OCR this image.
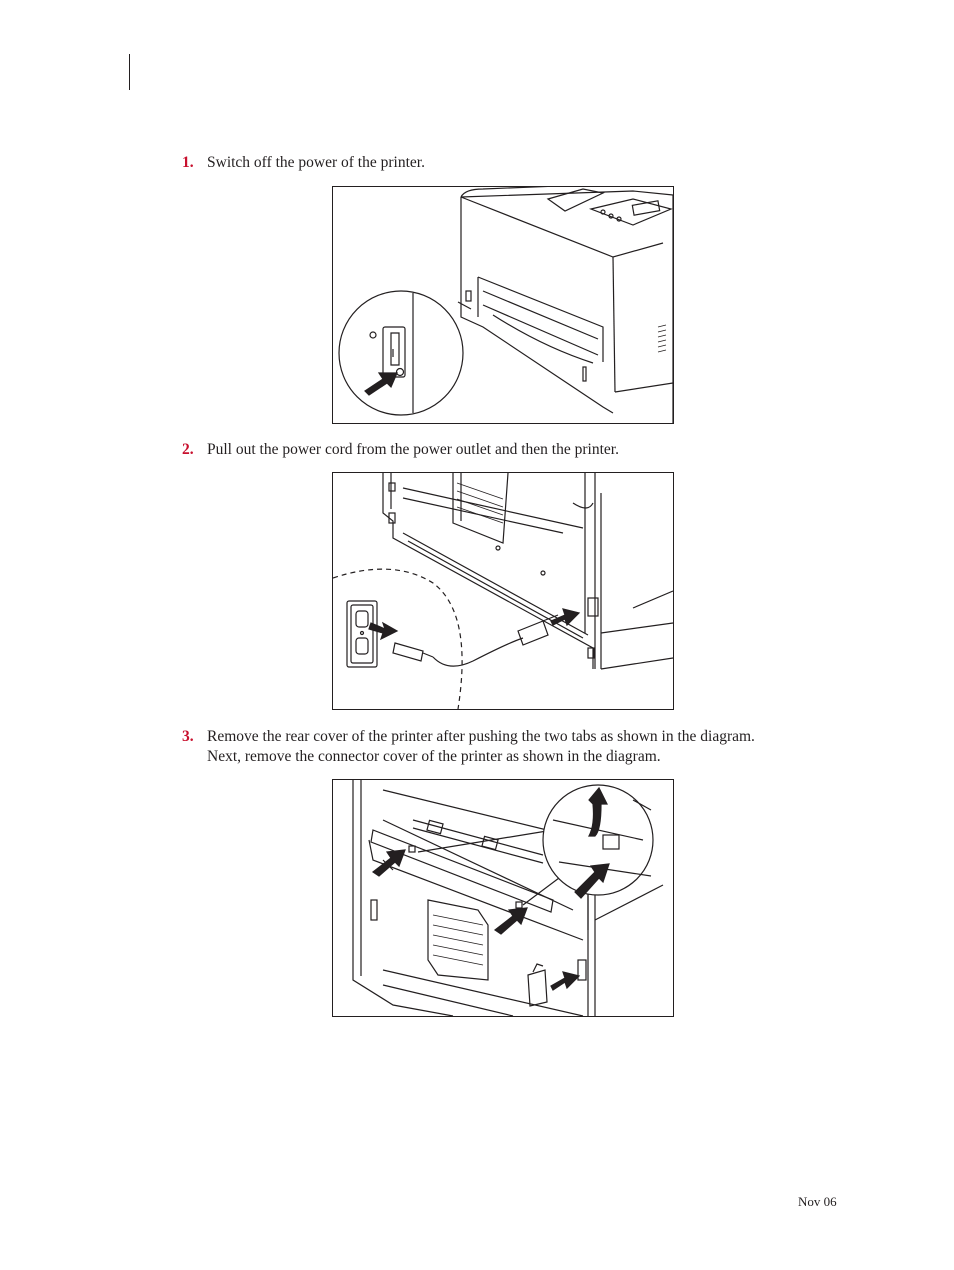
1. Switch off the power of the printer.
2. Pull out the power cord from the power outlet and then the printer.
3. Remove the rear cover of the printer after pushing the two tabs as shown in the diagram.
Next, remove the connector cover of the printer as shown in the diagram.
Nov 06
